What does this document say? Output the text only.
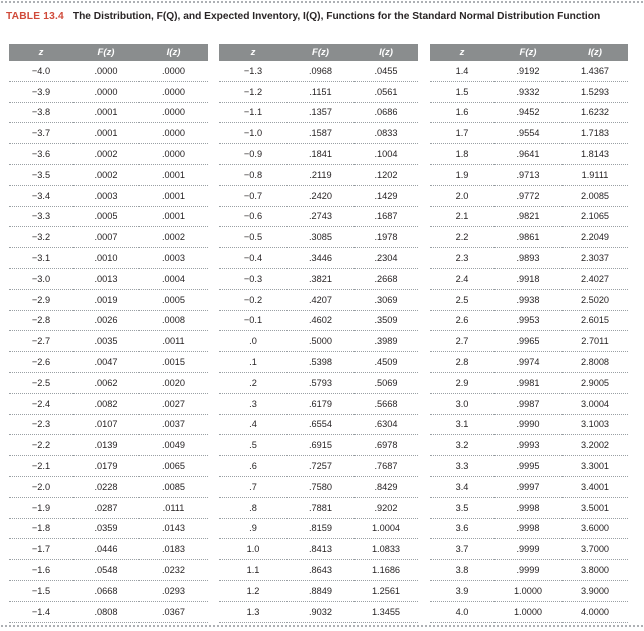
TABLE 13.4 The Distribution, F(Q), and Expected Inventory, I(Q), Functions for the Standard Normal Distribution Function
z	F(z)	I(z)
−4.0	.0000	.0000
−3.9	.0000	.0000
−3.8	.0001	.0000
−3.7	.0001	.0000
−3.6	.0002	.0000
−3.5	.0002	.0001
−3.4	.0003	.0001
−3.3	.0005	.0001
−3.2	.0007	.0002
−3.1	.0010	.0003
−3.0	.0013	.0004
−2.9	.0019	.0005
−2.8	.0026	.0008
−2.7	.0035	.0011
−2.6	.0047	.0015
−2.5	.0062	.0020
−2.4	.0082	.0027
−2.3	.0107	.0037
−2.2	.0139	.0049
−2.1	.0179	.0065
−2.0	.0228	.0085
−1.9	.0287	.0111
−1.8	.0359	.0143
−1.7	.0446	.0183
−1.6	.0548	.0232
−1.5	.0668	.0293
−1.4	.0808	.0367
z	F(z)	I(z)
−1.3	.0968	.0455
−1.2	.1151	.0561
−1.1	.1357	.0686
−1.0	.1587	.0833
−0.9	.1841	.1004
−0.8	.2119	.1202
−0.7	.2420	.1429
−0.6	.2743	.1687
−0.5	.3085	.1978
−0.4	.3446	.2304
−0.3	.3821	.2668
−0.2	.4207	.3069
−0.1	.4602	.3509
.0	.5000	.3989
.1	.5398	.4509
.2	.5793	.5069
.3	.6179	.5668
.4	.6554	.6304
.5	.6915	.6978
.6	.7257	.7687
.7	.7580	.8429
.8	.7881	.9202
.9	.8159	1.0004
1.0	.8413	1.0833
1.1	.8643	1.1686
1.2	.8849	1.2561
1.3	.9032	1.3455
z	F(z)	I(z)
1.4	.9192	1.4367
1.5	.9332	1.5293
1.6	.9452	1.6232
1.7	.9554	1.7183
1.8	.9641	1.8143
1.9	.9713	1.9111
2.0	.9772	2.0085
2.1	.9821	2.1065
2.2	.9861	2.2049
2.3	.9893	2.3037
2.4	.9918	2.4027
2.5	.9938	2.5020
2.6	.9953	2.6015
2.7	.9965	2.7011
2.8	.9974	2.8008
2.9	.9981	2.9005
3.0	.9987	3.0004
3.1	.9990	3.1003
3.2	.9993	3.2002
3.3	.9995	3.3001
3.4	.9997	3.4001
3.5	.9998	3.5001
3.6	.9998	3.6000
3.7	.9999	3.7000
3.8	.9999	3.8000
3.9	1.0000	3.9000
4.0	1.0000	4.0000
